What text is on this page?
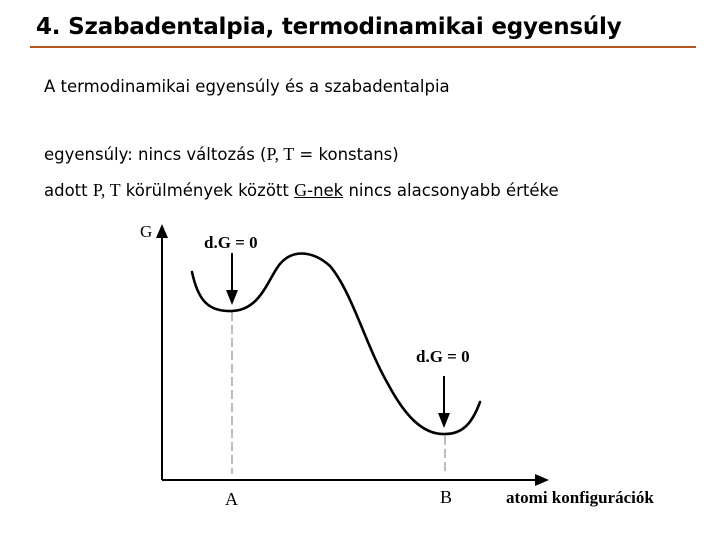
4. Szabadentalpia, termodinamikai egyensúly
A termodinamikai egyensúly és a szabadentalpia
egyensúly: nincs változás (P, T = konstans)
adott P, T körülmények között G-nek nincs alacsonyabb értéke
G
d.G = 0
d.G = 0
A	B	atomi konfigurációk
